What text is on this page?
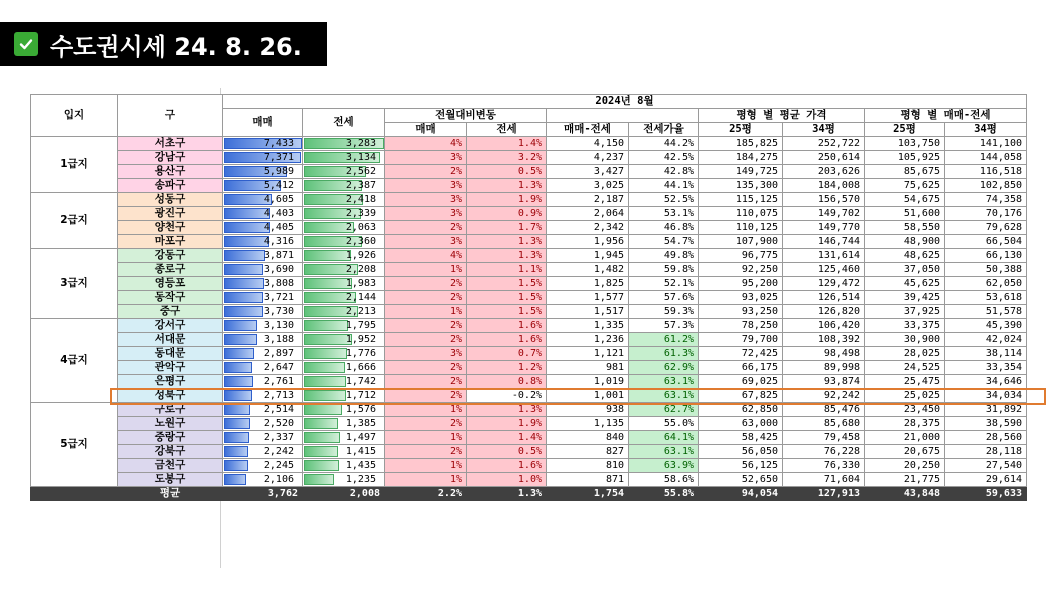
수도권시세 24. 8. 26.
입지	구	2024년 8월									
		매매	전세	전월대비변동				평형 별 평균 가격		평형 별 매매-전세	
				매매	전세	매매-전세	전세가율	25평	34평	25평	34평
1급지	서초구	7,433	3,283	4%	1.4%	4,150	44.2%	185,825	252,722	103,750	141,100
	강남구	7,371	3,134	3%	3.2%	4,237	42.5%	184,275	250,614	105,925	144,058
	용산구	5,989	2,562	2%	0.5%	3,427	42.8%	149,725	203,626	85,675	116,518
	송파구	5,412	2,387	3%	1.3%	3,025	44.1%	135,300	184,008	75,625	102,850
2급지	성동구	4,605	2,418	3%	1.9%	2,187	52.5%	115,125	156,570	54,675	74,358
	광진구	4,403	2,339	3%	0.9%	2,064	53.1%	110,075	149,702	51,600	70,176
	양천구	4,405	2,063	2%	1.7%	2,342	46.8%	110,125	149,770	58,550	79,628
	마포구	4,316	2,360	3%	1.3%	1,956	54.7%	107,900	146,744	48,900	66,504
3급지	강동구	3,871	1,926	4%	1.3%	1,945	49.8%	96,775	131,614	48,625	66,130
	종로구	3,690	2,208	1%	1.1%	1,482	59.8%	92,250	125,460	37,050	50,388
	영등포	3,808	1,983	2%	1.5%	1,825	52.1%	95,200	129,472	45,625	62,050
	동작구	3,721	2,144	2%	1.5%	1,577	57.6%	93,025	126,514	39,425	53,618
	중구	3,730	2,213	1%	1.5%	1,517	59.3%	93,250	126,820	37,925	51,578
4급지	강서구	3,130	1,795	2%	1.6%	1,335	57.3%	78,250	106,420	33,375	45,390
	서대문	3,188	1,952	2%	1.6%	1,236	61.2%	79,700	108,392	30,900	42,024
	동대문	2,897	1,776	3%	0.7%	1,121	61.3%	72,425	98,498	28,025	38,114
	관악구	2,647	1,666	2%	1.2%	981	62.9%	66,175	89,998	24,525	33,354
	은평구	2,761	1,742	2%	0.8%	1,019	63.1%	69,025	93,874	25,475	34,646
	성북구	2,713	1,712	2%	-0.2%	1,001	63.1%	67,825	92,242	25,025	34,034
5급지	구로구	2,514	1,576	1%	1.3%	938	62.7%	62,850	85,476	23,450	31,892
	노원구	2,520	1,385	2%	1.9%	1,135	55.0%	63,000	85,680	28,375	38,590
	중랑구	2,337	1,497	1%	1.4%	840	64.1%	58,425	79,458	21,000	28,560
	강북구	2,242	1,415	2%	0.5%	827	63.1%	56,050	76,228	20,675	28,118
	금천구	2,245	1,435	1%	1.6%	810	63.9%	56,125	76,330	20,250	27,540
	도봉구	2,106	1,235	1%	1.0%	871	58.6%	52,650	71,604	21,775	29,614
	평균	3,762	2,008	2.2%	1.3%	1,754	55.8%	94,054	127,913	43,848	59,633
